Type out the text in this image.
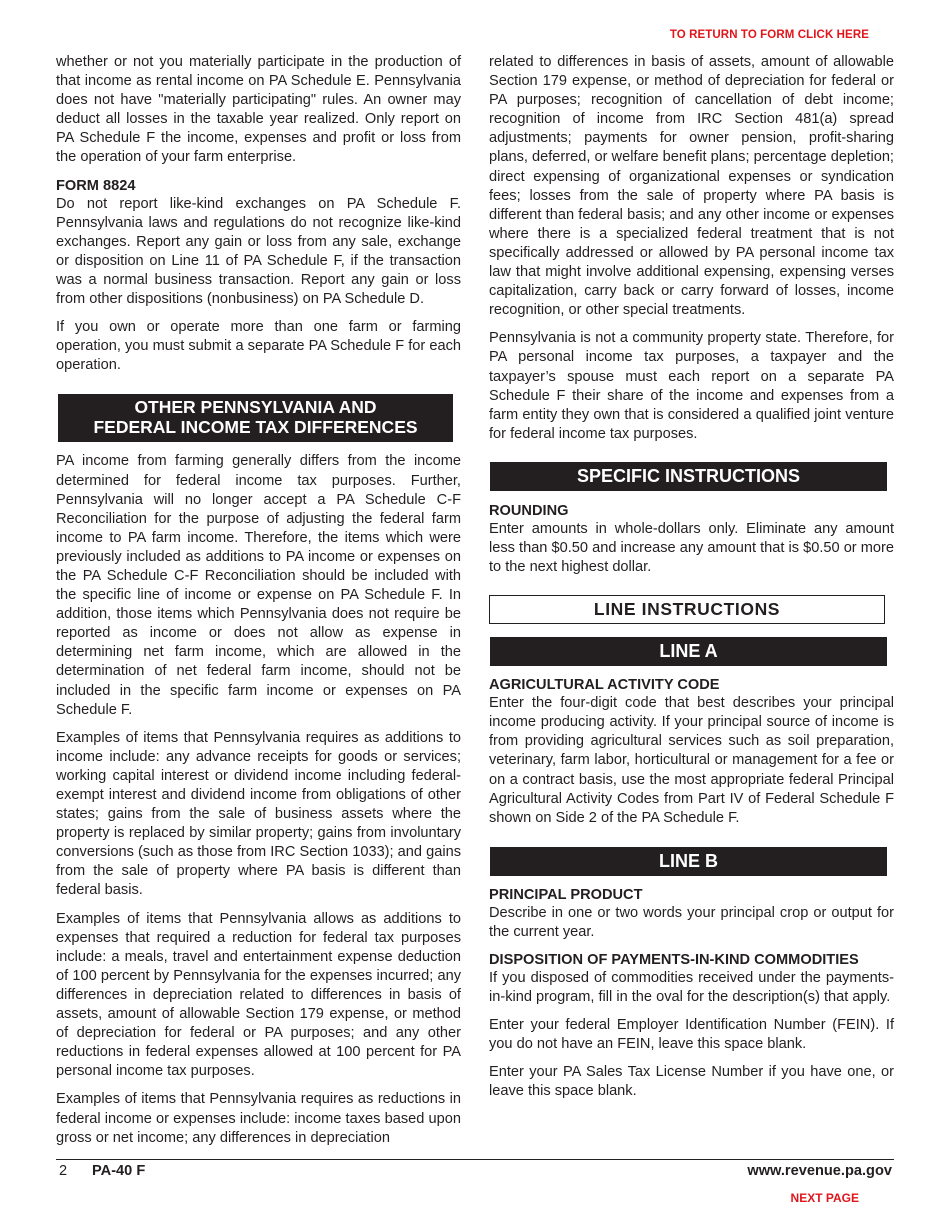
TO RETURN TO FORM CLICK HERE

whether or not you materially participate in the production of that income as rental income on PA Schedule E. Pennsylvania does not have "materially participating" rules. An owner may deduct all losses in the taxable year realized. Only report on PA Schedule F the income, expenses and profit or loss from the operation of your farm enterprise.

FORM 8824

Do not report like-kind exchanges on PA Schedule F. Pennsylvania laws and regulations do not recognize like-kind exchanges. Report any gain or loss from any sale, exchange or disposition on Line 11 of PA Schedule F, if the transaction was a normal business transaction. Report any gain or loss from other dispositions (nonbusiness) on PA Schedule D.

If you own or operate more than one farm or farming operation, you must submit a separate PA Schedule F for each operation.

OTHER PENNSYLVANIA AND
FEDERAL INCOME TAX DIFFERENCES

PA income from farming generally differs from the income determined for federal income tax purposes. Further, Pennsylvania will no longer accept a PA Schedule C-F Reconciliation for the purpose of adjusting the federal farm income to PA farm income. Therefore, the items which were previously included as additions to PA income or expenses on the PA Schedule C-F Reconciliation should be included with the specific line of income or expense on PA Schedule F. In addition, those items which Pennsylvania does not require be reported as income or does not allow as expense in determining net farm income, which are allowed in the determination of net federal farm income, should not be included in the specific farm income or expenses on PA Schedule F.

Examples of items that Pennsylvania requires as additions to income include: any advance receipts for goods or services; working capital interest or dividend income including federal-exempt interest and dividend income from obligations of other states; gains from the sale of business assets where the property is replaced by similar property; gains from involuntary conversions (such as those from IRC Section 1033); and gains from the sale of property where PA basis is different than federal basis.

Examples of items that Pennsylvania allows as additions to expenses that required a reduction for federal tax purposes include: a meals, travel and entertainment expense deduction of 100 percent by Pennsylvania for the expenses incurred; any differences in depreciation related to differences in basis of assets, amount of allowable Section 179 expense, or method of depreciation for federal or PA purposes; and any other reductions in federal expenses allowed at 100 percent for PA personal income tax purposes.

Examples of items that Pennsylvania requires as reductions in federal income or expenses include: income taxes based upon gross or net income; any differences in depreciation

related to differences in basis of assets, amount of allowable Section 179 expense, or method of depreciation for federal or PA purposes; recognition of cancellation of debt income; recognition of income from IRC Section 481(a) spread adjustments; payments for owner pension, profit-sharing plans, deferred, or welfare benefit plans; percentage depletion; direct expensing of organizational expenses or syndication fees; losses from the sale of property where PA basis is different than federal basis; and any other income or expenses where there is a specialized federal treatment that is not specifically addressed or allowed by PA personal income tax law that might involve additional expensing, expensing verses capitalization, carry back or carry forward of losses, income recognition, or other special treatments.

Pennsylvania is not a community property state. Therefore, for PA personal income tax purposes, a taxpayer and the taxpayer’s spouse must each report on a separate PA Schedule F their share of the income and expenses from a farm entity they own that is considered a qualified joint venture for federal income tax purposes.

SPECIFIC INSTRUCTIONS
ROUNDING

Enter amounts in whole-dollars only. Eliminate any amount less than $0.50 and increase any amount that is $0.50 or more to the next highest dollar.

LINE INSTRUCTIONS
LINE A
AGRICULTURAL ACTIVITY CODE

Enter the four-digit code that best describes your principal income producing activity. If your principal source of income is from providing agricultural services such as soil preparation, veterinary, farm labor, horticultural or management for a fee or on a contract basis, use the most appropriate federal Principal Agricultural Activity Codes from Part IV of Federal Schedule F shown on Side 2 of the PA Schedule F.

LINE B
PRINCIPAL PRODUCT

Describe in one or two words your principal crop or output for the current year.

DISPOSITION OF PAYMENTS-IN-KIND COMMODITIES

If you disposed of commodities received under the payments-in-kind program, fill in the oval for the description(s) that apply.

Enter your federal Employer Identification Number (FEIN). If you do not have an FEIN, leave this space blank.

Enter your PA Sales Tax License Number if you have one, or leave this space blank.

2 PA-40 F	www.revenue.pa.gov
NEXT PAGE
